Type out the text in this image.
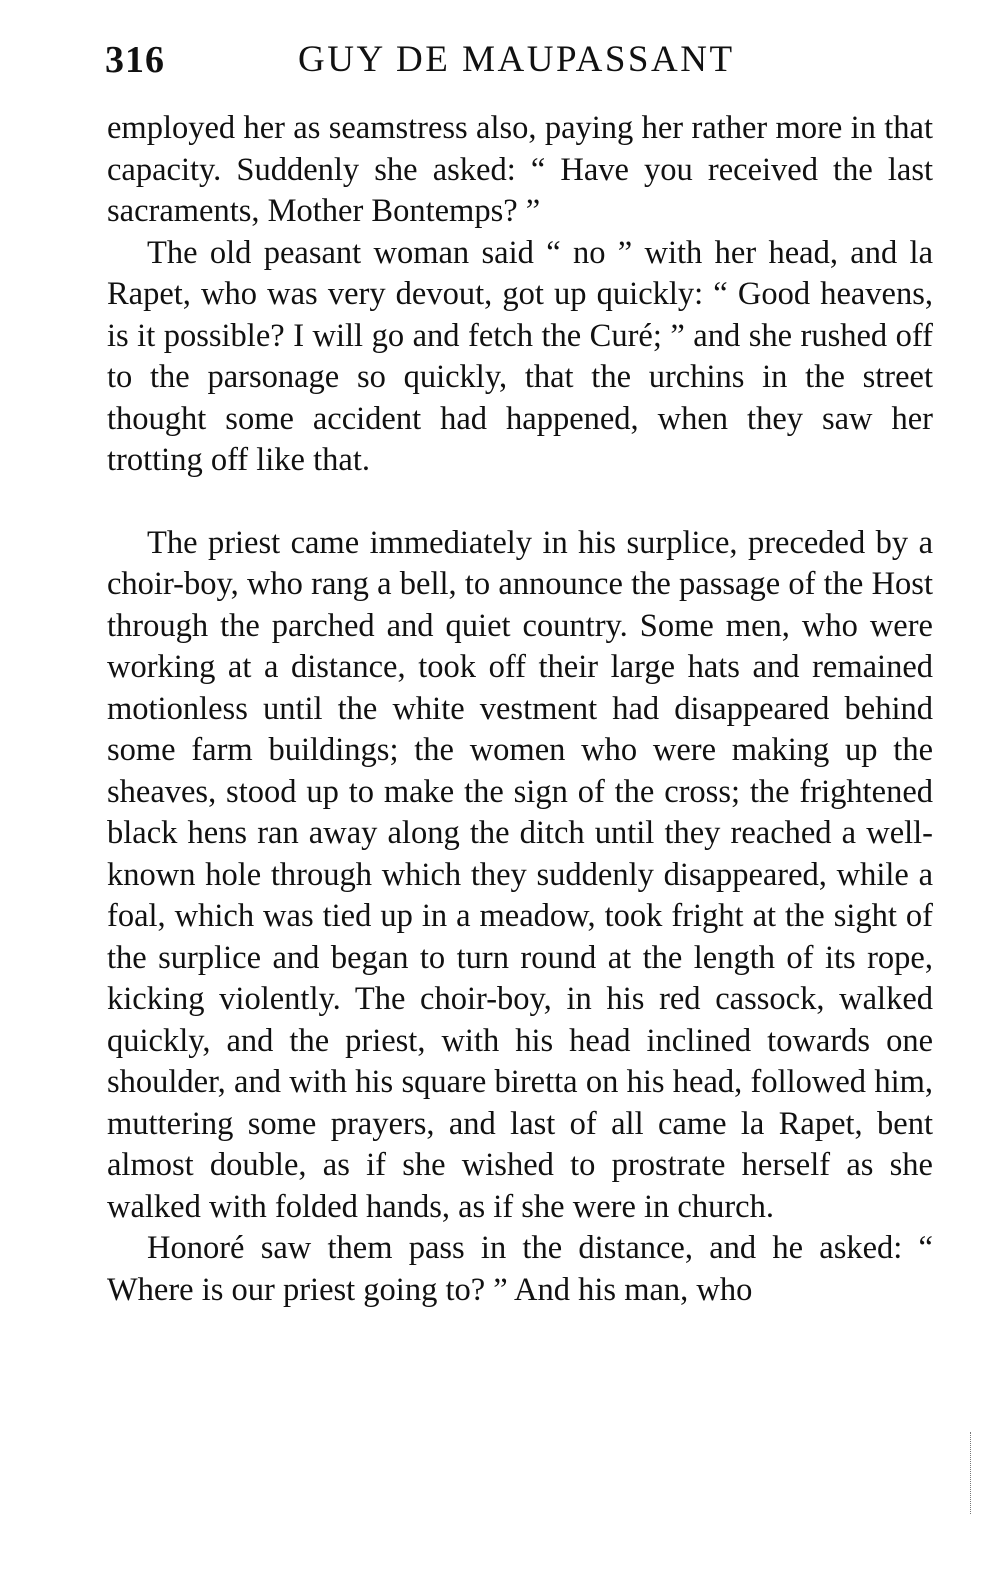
316	GUY DE MAUPASSANT

employed her as seamstress also, paying her rather more in that capacity. Suddenly she asked: “ Have you received the last sacraments, Mother Bontemps? ”

The old peasant woman said “ no ” with her head, and la Rapet, who was very devout, got up quickly: “ Good heavens, is it possible? I will go and fetch the Curé; ” and she rushed off to the parsonage so quickly, that the urchins in the street thought some accident had happened, when they saw her trotting off like that.

The priest came immediately in his surplice, preceded by a choir-boy, who rang a bell, to announce the passage of the Host through the parched and quiet country. Some men, who were working at a distance, took off their large hats and remained motionless until the white vestment had disappeared behind some farm buildings; the women who were making up the sheaves, stood up to make the sign of the cross; the frightened black hens ran away along the ditch until they reached a well-known hole through which they suddenly disappeared, while a foal, which was tied up in a meadow, took fright at the sight of the surplice and began to turn round at the length of its rope, kicking violently. The choir-boy, in his red cassock, walked quickly, and the priest, with his head inclined towards one shoulder, and with his square biretta on his head, followed him, muttering some prayers, and last of all came la Rapet, bent almost double, as if she wished to prostrate herself as she walked with folded hands, as if she were in church.

Honoré saw them pass in the distance, and he asked: “ Where is our priest going to? ” And his man, who
